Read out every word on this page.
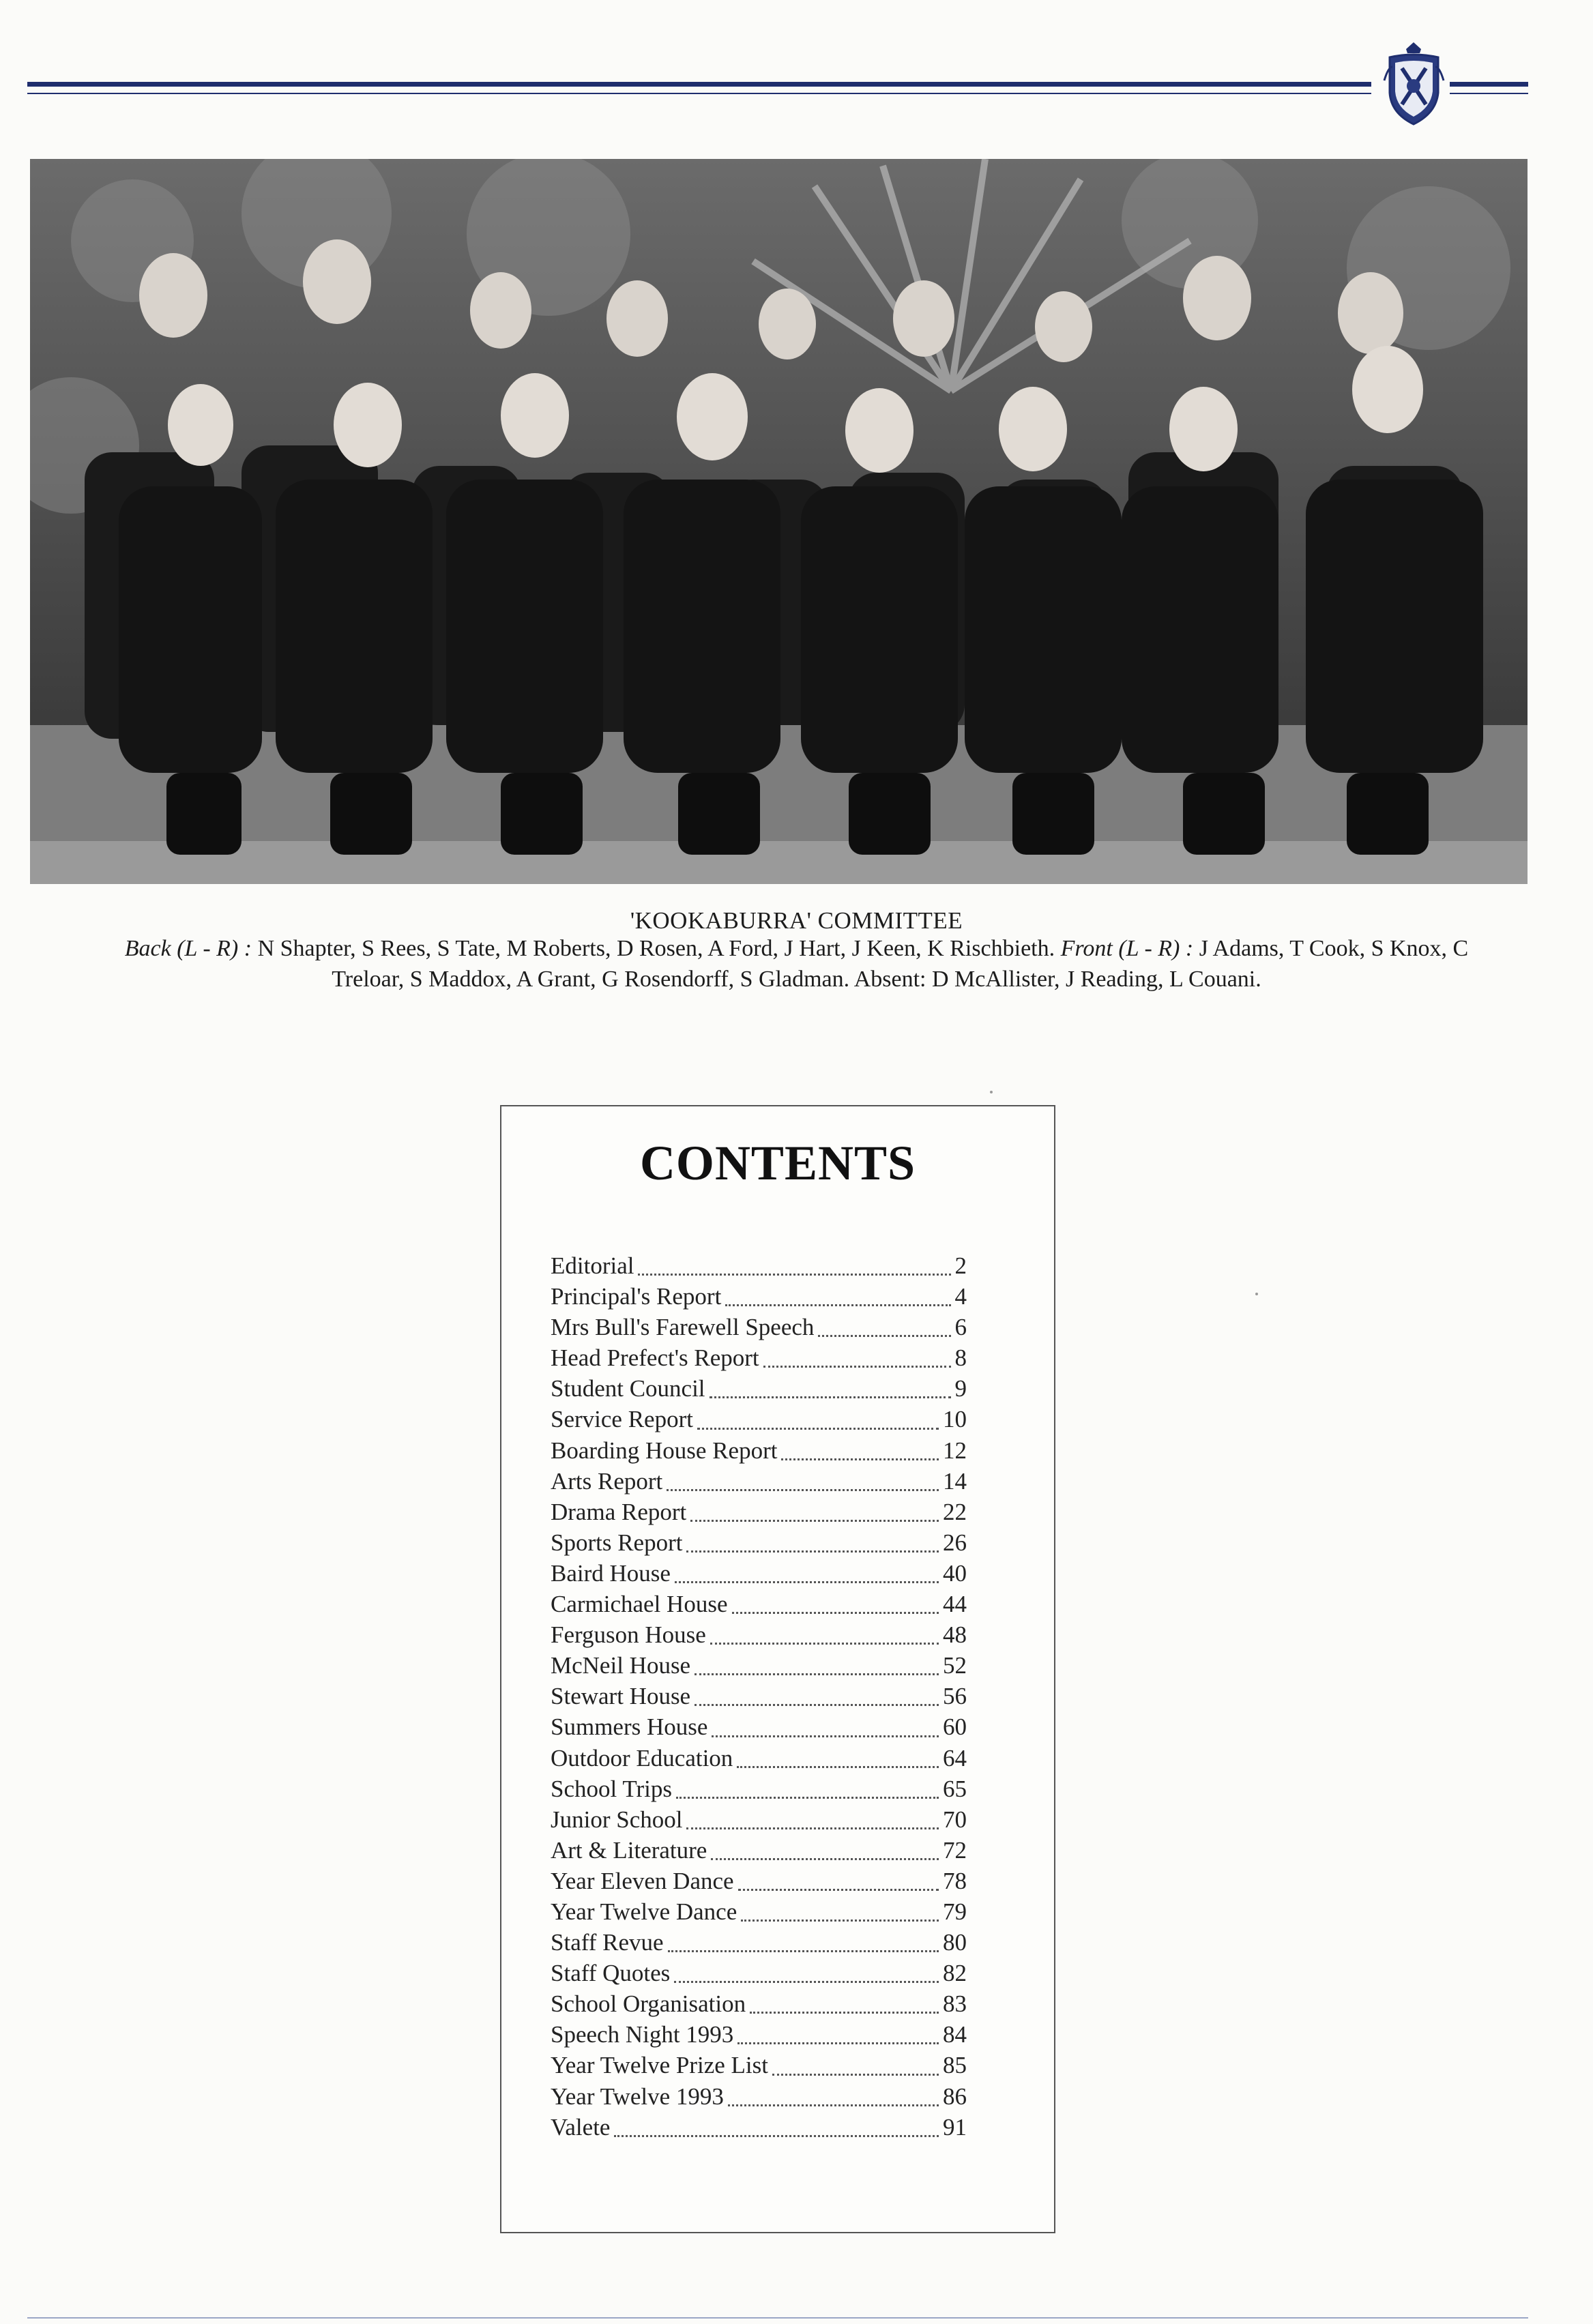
'KOOKABURRA' COMMITTEE
Back (L - R) : N Shapter, S Rees, S Tate, M Roberts, D Rosen, A Ford, J Hart, J Keen, K Rischbieth. Front (L - R) : J Adams, T Cook, S Knox, C Treloar, S Maddox, A Grant, G Rosendorff, S Gladman. Absent: D McAllister, J Reading, L Couani.
CONTENTS
Editorial	2
Principal's Report	4
Mrs Bull's Farewell Speech	6
Head Prefect's Report	8
Student Council	9
Service Report	10
Boarding House Report	12
Arts Report	14
Drama Report	22
Sports Report	26
Baird House	40
Carmichael House	44
Ferguson House	48
McNeil House	52
Stewart House	56
Summers House	60
Outdoor Education	64
School Trips	65
Junior School	70
Art & Literature	72
Year Eleven Dance	78
Year Twelve Dance	79
Staff Revue	80
Staff Quotes	82
School Organisation	83
Speech Night 1993	84
Year Twelve Prize List	85
Year Twelve 1993	86
Valete	91
